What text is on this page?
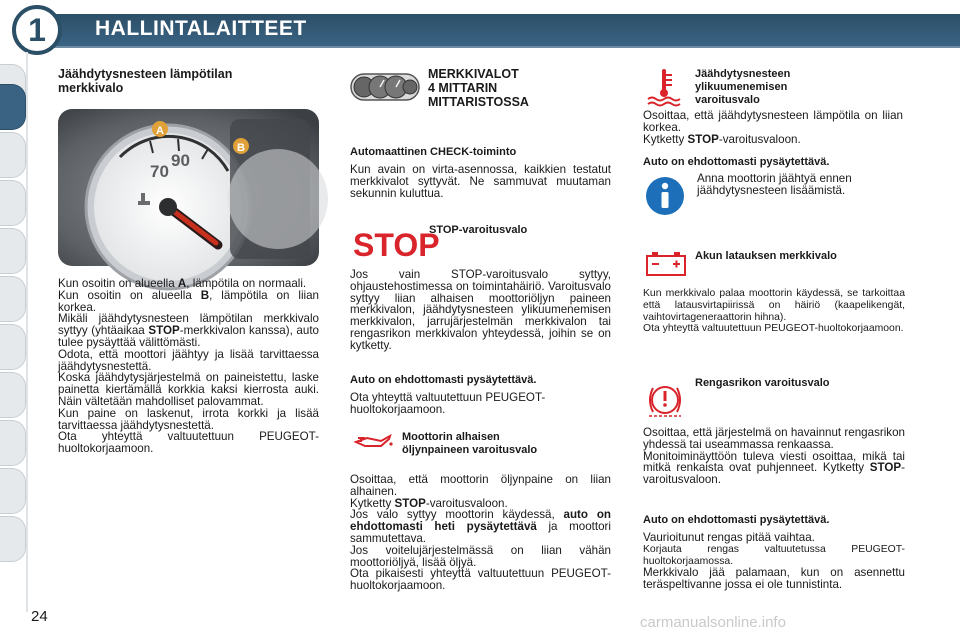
1	HALLINTALAITTEET
Jäähdytysnesteen lämpötilan
merkkivalo
70
90
A
B
Kun osoitin on alueella A, lämpötila on normaali.
Kun osoitin on alueella B, lämpötila on liian korkea.
Mikäli jäähdytysnesteen lämpötilan merkkivalo syttyy (yhtäaikaa STOP-merkkivalon kanssa), auto tulee pysäyttää välittömästi.
Odota, että moottori jäähtyy ja lisää tarvittaessa jäähdytysnestettä.
Koska jäähdytysjärjestelmä on paineistettu, laske painetta kiertämällä korkkia kaksi kierrosta auki. Näin vältetään mahdolliset palovammat.
Kun paine on laskenut, irrota korkki ja lisää tarvittaessa jäähdytysnestettä.
Ota yhteyttä valtuutettuun PEUGEOT-huoltokorjaamoon.
MERKKIVALOT
4 MITTARIN
MITTARISTOSSA
Automaattinen CHECK-toiminto

Kun avain on virta-asennossa, kaikkien testatut merkkivalot syttyvät. Ne sammuvat muutaman sekunnin kuluttua.

STOP
STOP-varoitusvalo

Jos vain STOP-varoitusvalo syttyy, ohjaustehostimessa on toimintahäiriö. Varoitusvalo syttyy liian alhaisen moottoriöljyn paineen merkkivalon, jäähdytysnesteen ylikuumenemisen merkkivalon, jarrujärjestelmän merkkivalon tai rengasrikon merkkivalon yhteydessä, joihin se on kytketty.

Auto on ehdottomasti pysäytettävä.

Ota yhteyttä valtuutettuun PEUGEOT-huoltokorjaamoon.

Moottorin alhaisen
öljynpaineen varoitusvalo
Osoittaa, että moottorin öljynpaine on liian alhainen.
Kytketty STOP-varoitusvaloon.
Jos valo syttyy moottorin käydessä, auto on ehdottomasti heti pysäytettävä ja moottori sammutettava.
Jos voitelujärjestelmässä on liian vähän moottoriöljyä, lisää öljyä.
Ota pikaisesti yhteyttä valtuutettuun PEUGEOT-huoltokorjaamoon.
Jäähdytysnesteen
ylikuumenemisen
varoitusvalo
Osoittaa, että jäähdytysnesteen lämpötila on liian korkea.
Kytketty STOP-varoitusvaloon.
Auto on ehdottomasti pysäytettävä.

Anna moottorin jäähtyä ennen jäähdytysnesteen lisäämistä.

Akun latauksen merkkivalo
Kun merkkivalo palaa moottorin käydessä, se tarkoittaa että latausvirtapiirissä on häiriö (kaapelikengät, vaihtovirtageneraattorin hihna).
Ota yhteyttä valtuutettuun PEUGEOT-huoltokorjaamoon.
Rengasrikon varoitusvalo
Osoittaa, että järjestelmä on havainnut rengasrikon yhdessä tai useammassa renkaassa.
Monitoiminäyttöön tuleva viesti osoittaa, mikä tai mitkä renkaista ovat puhjenneet. Kytketty STOP-varoitusvaloon.
Auto on ehdottomasti pysäytettävä.
Vaurioitunut rengas pitää vaihtaa.
Korjauta rengas valtuutetussa PEUGEOT-huoltokorjaamossa.
Merkkivalo jää palamaan, kun on asennettu teräspeltivanne jossa ei ole tunnistinta.
24	carmanualsonline.info
